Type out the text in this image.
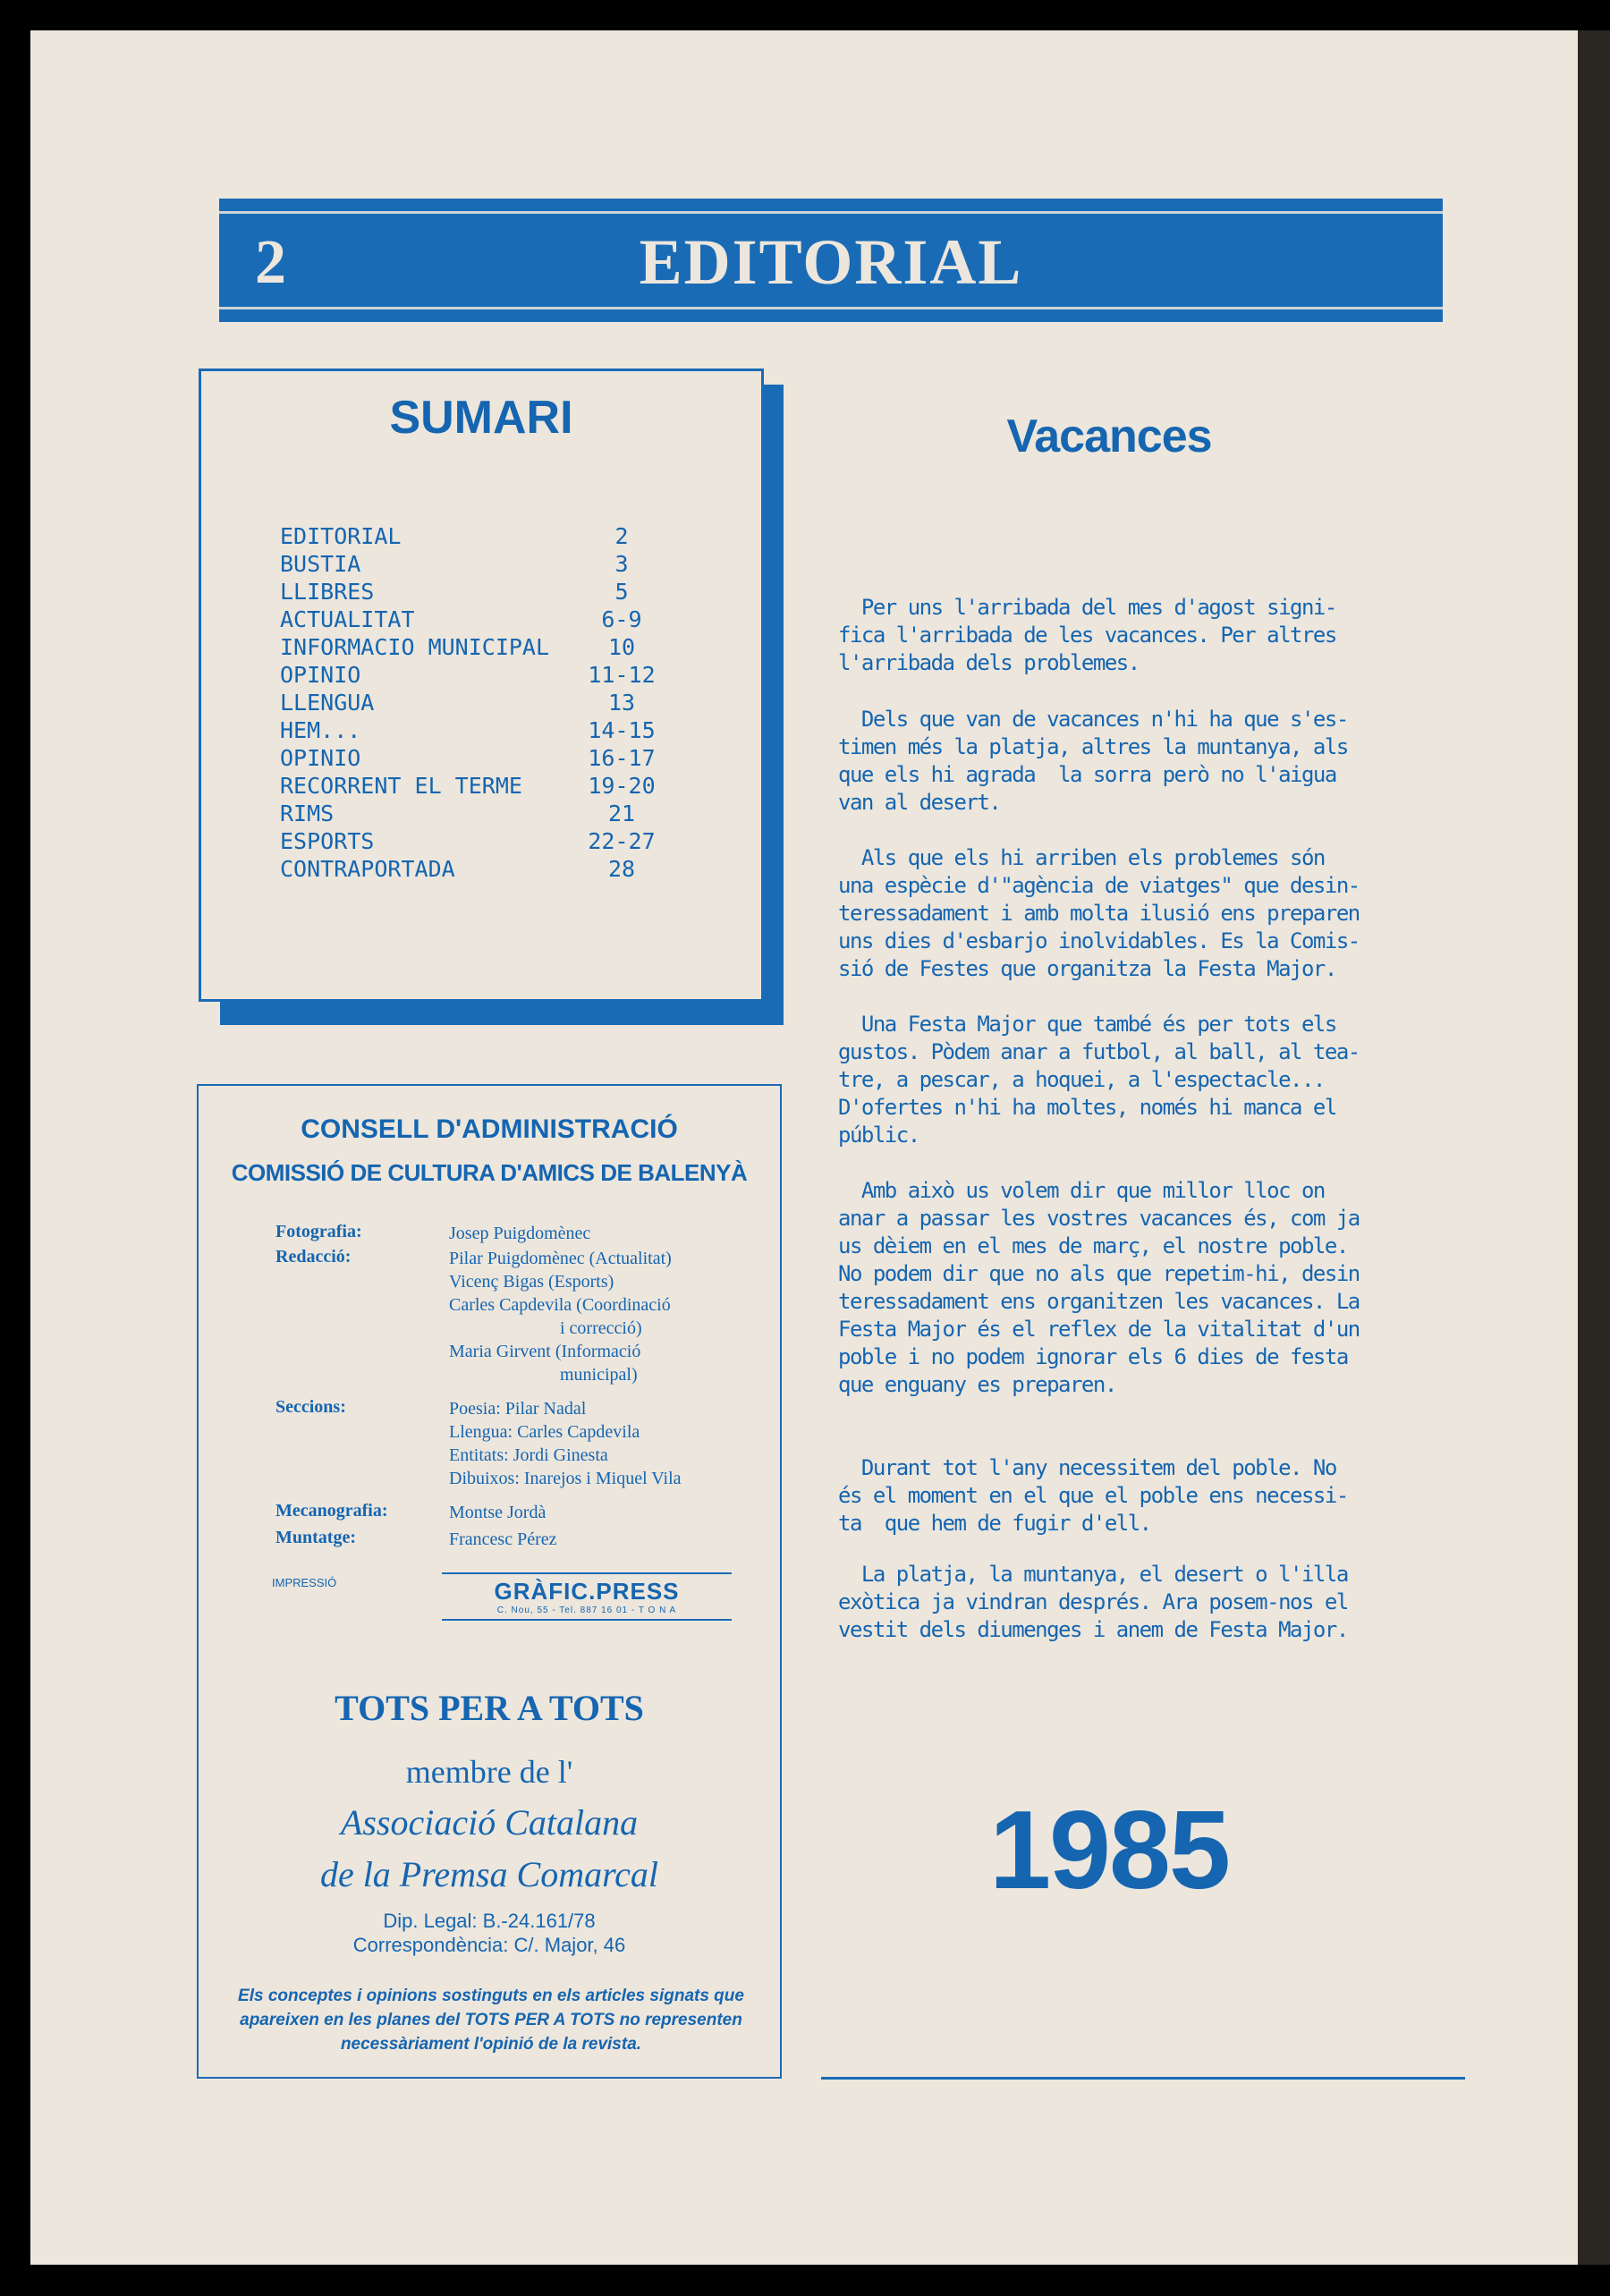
2	EDITORIAL
SUMARI
EDITORIAL	2
BUSTIA	3
LLIBRES	5
ACTUALITAT	6-9
INFORMACIO MUNICIPAL	10
OPINIO	11-12
LLENGUA	13
HEM...	14-15
OPINIO	16-17
RECORRENT EL TERME	19-20
RIMS	21
ESPORTS	22-27
CONTRAPORTADA	28
CONSELL D'ADMINISTRACIÓ
COMISSIÓ DE CULTURA D'AMICS DE BALENYÀ
Fotografia:	Josep Puigdomènec
Redacció:	Pilar Puigdomènec (Actualitat)
Vicenç Bigas (Esports)
Carles Capdevila (Coordinació
i correcció)
Maria Girvent (Informació
municipal)
Seccions:	Poesia: Pilar Nadal
Llengua: Carles Capdevila
Entitats: Jordi Ginesta
Dibuixos: Inarejos i Miquel Vila
Mecanografia:	Montse Jordà
Muntatge:	Francesc Pérez
IMPRESSIÓ	GRÀFIC.PRESS
C. Nou, 55 - Tel. 887 16 01 - T O N A
TOTS PER A TOTS
membre de l'
Associació Catalana
de la Premsa Comarcal
Dip. Legal: B.-24.161/78
Correspondència: C/. Major, 46
Els conceptes i opinions sostinguts en els articles signats que apareixen en les planes del TOTS PER A TOTS no representen necessàriament l'opinió de la revista.
Vacances
Per uns l'arribada del mes d'agost signi-
fica l'arribada de les vacances. Per altres
l'arribada dels problemes.
Dels que van de vacances n'hi ha que s'es-
timen més la platja, altres la muntanya, als
que els hi agrada  la sorra però no l'aigua
van al desert.
Als que els hi arriben els problemes són
una espècie d'"agència de viatges" que desin-
teressadament i amb molta ilusió ens preparen
uns dies d'esbarjo inolvidables. Es la Comis-
sió de Festes que organitza la Festa Major.
Una Festa Major que també és per tots els
gustos. Pòdem anar a futbol, al ball, al tea-
tre, a pescar, a hoquei, a l'espectacle...
D'ofertes n'hi ha moltes, només hi manca el
públic.
Amb això us volem dir que millor lloc on
anar a passar les vostres vacances és, com ja
us dèiem en el mes de març, el nostre poble.
No podem dir que no als que repetim-hi, desin
teressadament ens organitzen les vacances. La
Festa Major és el reflex de la vitalitat d'un
poble i no podem ignorar els 6 dies de festa
que enguany es preparen.
Durant tot l'any necessitem del poble. No
és el moment en el que el poble ens necessi-
ta  que hem de fugir d'ell.
La platja, la muntanya, el desert o l'illa
exòtica ja vindran després. Ara posem-nos el
vestit dels diumenges i anem de Festa Major.
1985
